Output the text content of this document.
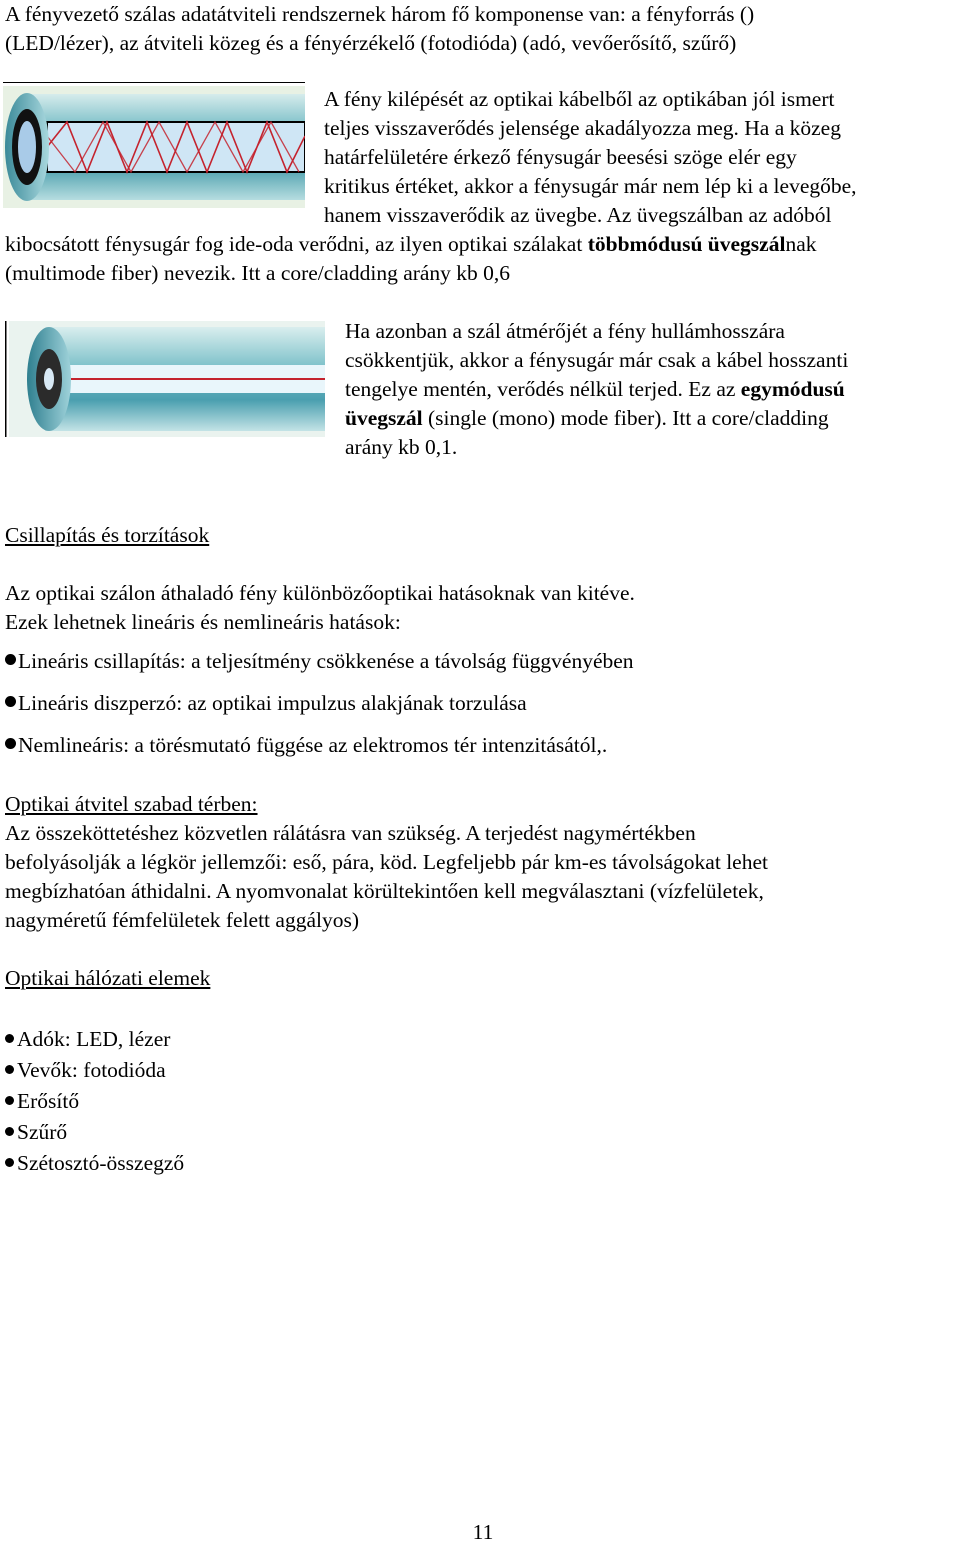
A fényvezető szálas adatátviteli rendszernek három fő komponense van: a fényforrás ()
(LED/lézer), az átviteli közeg és a fényérzékelő (fotodióda) (adó, vevőerősítő, szűrő)
A fény kilépését az optikai kábelből az optikában jól ismert
teljes visszaverődés jelensége akadályozza meg. Ha a közeg
határfelületére érkező fénysugár beesési szöge elér egy
kritikus értéket, akkor a fénysugár már nem lép ki a levegőbe,
hanem visszaverődik az üvegbe. Az üvegszálban az adóból
kibocsátott fénysugár fog ide-oda verődni, az ilyen optikai szálakat többmódusú üvegszálnak
(multimode fiber) nevezik. Itt a core/cladding arány kb 0,6
Ha azonban a szál átmérőjét a fény hullámhosszára
csökkentjük, akkor a fénysugár már csak a kábel hosszanti
tengelye mentén, verődés nélkül terjed. Ez az egymódusú
üvegszál (single (mono) mode fiber). Itt a core/cladding
arány kb 0,1.
Csillapítás és torzítások
Az optikai szálon áthaladó fény különbözőoptikai hatásoknak van kitéve.
Ezek lehetnek lineáris és nemlineáris hatások:
Lineáris csillapítás: a teljesítmény csökkenése a távolság függvényében
Lineáris diszperzó: az optikai impulzus alakjának torzulása
Nemlineáris: a törésmutató függése az elektromos tér intenzitásától,.
Optikai átvitel szabad térben:
Az összeköttetéshez közvetlen rálátásra van szükség. A terjedést nagymértékben
befolyásolják a légkör jellemzői: eső, pára, köd. Legfeljebb pár km-es távolságokat lehet
megbízhatóan áthidalni. A nyomvonalat körültekintően kell megválasztani (vízfelületek,
nagyméretű fémfelületek felett aggályos)
Optikai hálózati elemek
Adók: LED, lézer
Vevők: fotodióda
Erősítő
Szűrő
Szétosztó-összegző
11
